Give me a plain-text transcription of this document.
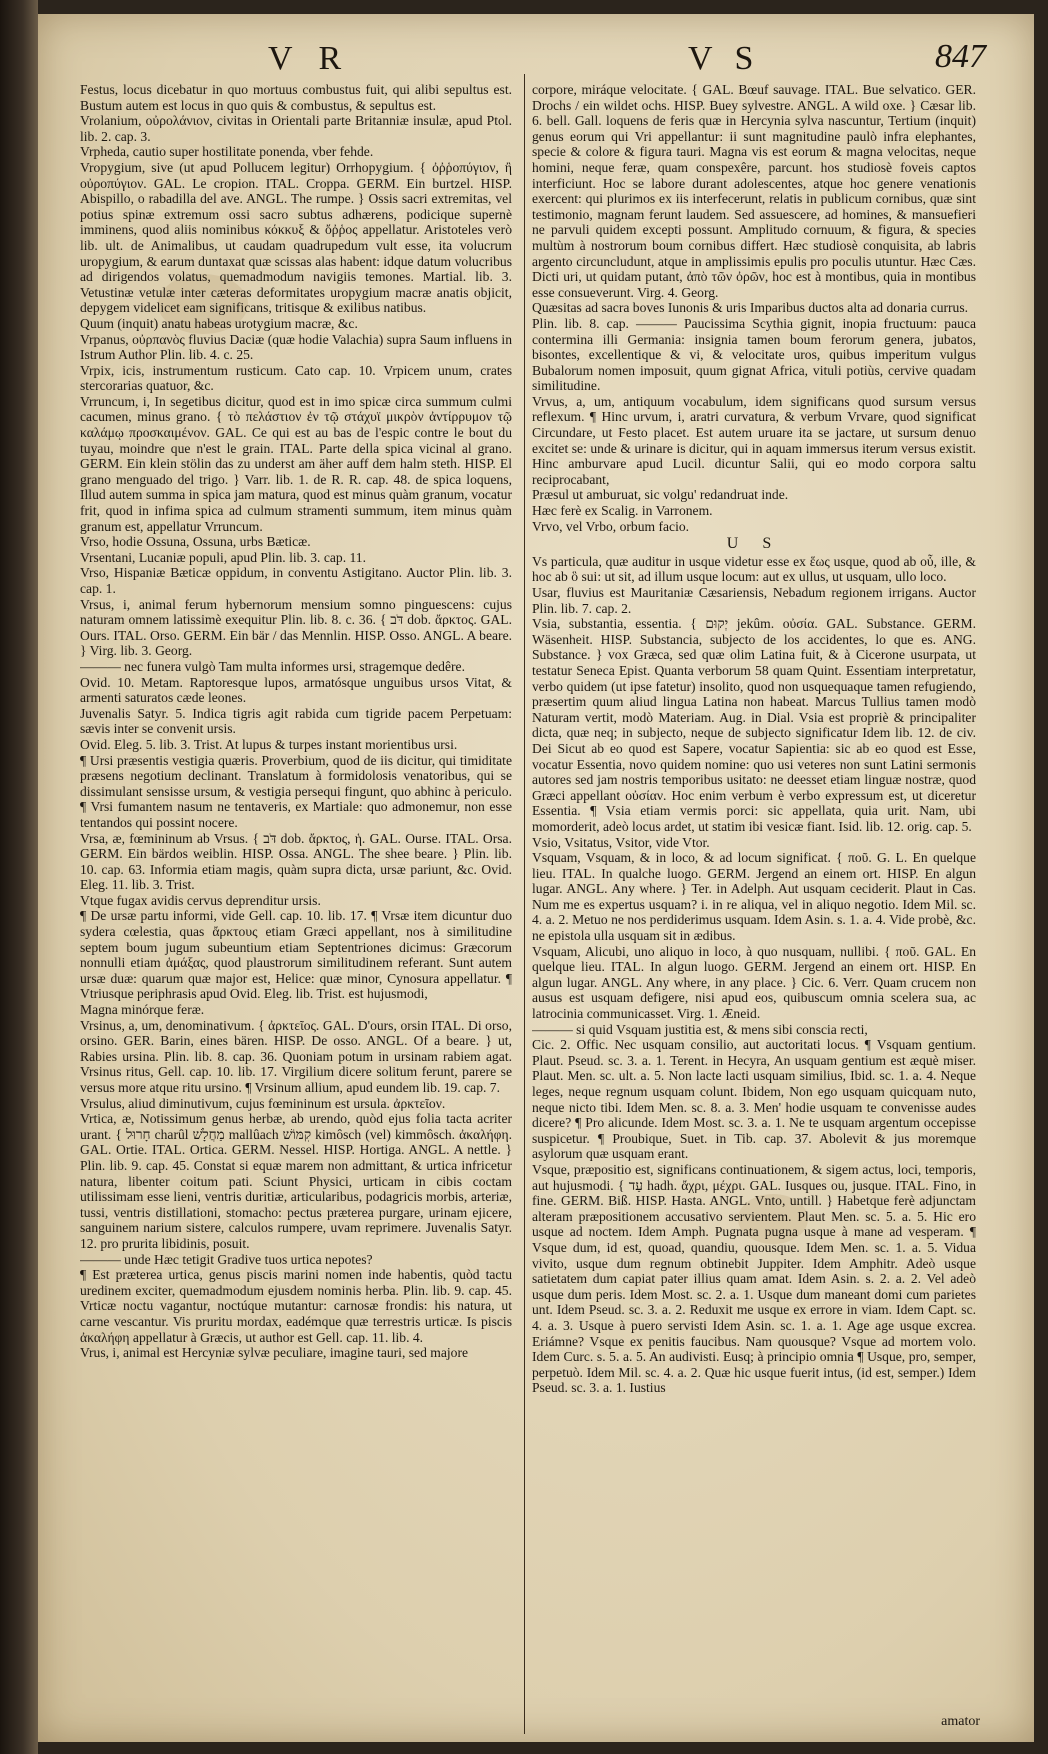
VR	VS	847
Festus, locus dicebatur in quo mortuus combustus fuit, qui alibi sepultus est. Bustum autem est locus in quo quis & combustus, & sepultus est.
Vrolanium, οὐρολάνιον, civitas in Orientali parte Britanniæ insulæ, apud Ptol. lib. 2. cap. 3.
Vrpheda, cautio super hostilitate ponenda, vber fehde.
Vropygium, sive (ut apud Pollucem legitur) Orrhopygium. { ὀῤῥοπύγιον, ἢ οὐροπύγιον. GAL. Le cropion. ITAL. Croppa. GERM. Ein burtzel. HISP. Abispillo, o rabadilla del ave. ANGL. The rumpe. } Ossis sacri extremitas, vel potius spinæ extremum ossi sacro subtus adhærens, podicique supernè imminens, quod aliis nominibus κόκκυξ & ὄῤῥος appellatur. Aristoteles verò lib. ult. de Animalibus, ut caudam quadrupedum vult esse, ita volucrum uropygium, & earum duntaxat quæ scissas alas habent: idque datum volucribus ad dirigendos volatus, quemadmodum navigiis temones. Martial. lib. 3. Vetustinæ vetulæ inter cæteras deformitates uropygium macræ anatis objicit, depygem videlicet eam significans, tritisque & exilibus natibus.
Quum (inquit) anatu habeas urotygium macræ, &c.
Vrpanus, οὐρπανὸς fluvius Daciæ (quæ hodie Valachia) supra Saum influens in Istrum Author Plin. lib. 4. c. 25.
Vrpix, icis, instrumentum rusticum. Cato cap. 10. Vrpicem unum, crates stercorarias quatuor, &c.
Vrruncum, i, In segetibus dicitur, quod est in imo spicæ circa summum culmi cacumen, minus grano. { τὸ πελάστιον ἐν τῷ στάχυϊ μικρὸν ἀντίρρυμον τῷ καλάμῳ προσκαιμένον. GAL. Ce qui est au bas de l'espic contre le bout du tuyau, moindre que n'est le grain. ITAL. Parte della spica vicinal al grano. GERM. Ein klein stölin das zu underst am äher auff dem halm steth. HISP. El grano menguado del trigo. } Varr. lib. 1. de R. R. cap. 48. de spica loquens, Illud autem summa in spica jam matura, quod est minus quàm granum, vocatur frit, quod in infima spica ad culmum stramenti summum, item minus quàm granum est, appellatur Vrruncum.
Vrso, hodie Ossuna, Ossuna, urbs Bæticæ.
Vrsentani, Lucaniæ populi, apud Plin. lib. 3. cap. 11.
Vrso, Hispaniæ Bæticæ oppidum, in conventu Astigitano. Auctor Plin. lib. 3. cap. 1.
Vrsus, i, animal ferum hybernorum mensium somno pinguescens: cujus naturam omnem latissimè exequitur Plin. lib. 8. c. 36. { דֹּב dob. ἄρκτος. GAL. Ours. ITAL. Orso. GERM. Ein bär / das Mennlin. HISP. Osso. ANGL. A beare. } Virg. lib. 3. Georg.
——— nec funera vulgò Tam multa informes ursi, stragemque dedêre.
Ovid. 10. Metam. Raptoresque lupos, armatósque unguibus ursos Vitat, & armenti saturatos cæde leones.
Juvenalis Satyr. 5. Indica tigris agit rabida cum tigride pacem Perpetuam: sævis inter se convenit ursis.
Ovid. Eleg. 5. lib. 3. Trist. At lupus & turpes instant morientibus ursi.
¶ Ursi præsentis vestigia quæris. Proverbium, quod de iis dicitur, qui timiditate præsens negotium declinant. Translatum à formidolosis venatoribus, qui se dissimulant sensisse ursum, & vestigia persequi fingunt, quo abhinc à periculo. ¶ Vrsi fumantem nasum ne tentaveris, ex Martiale: quo admonemur, non esse tentandos qui possint nocere.
Vrsa, æ, fœmininum ab Vrsus. { דֹּב dob. ἄρκτος, ἡ. GAL. Ourse. ITAL. Orsa. GERM. Ein bärdos weiblin. HISP. Ossa. ANGL. The shee beare. } Plin. lib. 10. cap. 63. Informia etiam magis, quàm supra dicta, ursæ pariunt, &c. Ovid. Eleg. 11. lib. 3. Trist.
Vtque fugax avidis cervus deprenditur ursis.
¶ De ursæ partu informi, vide Gell. cap. 10. lib. 17. ¶ Vrsæ item dicuntur duo sydera cœlestia, quas ἄρκτους etiam Græci appellant, nos à similitudine septem boum jugum subeuntium etiam Septentriones dicimus: Græcorum nonnulli etiam ἁμάξας, quod plaustrorum similitudinem referant. Sunt autem ursæ duæ: quarum quæ major est, Helice: quæ minor, Cynosura appellatur. ¶ Vtriusque periphrasis apud Ovid. Eleg. lib. Trist. est hujusmodi,
Magna minórque feræ.
Vrsinus, a, um, denominativum. { ἀρκτεῖος. GAL. D'ours, orsin ITAL. Di orso, orsino. GER. Barin, eines bären. HISP. De osso. ANGL. Of a beare. } ut, Rabies ursina. Plin. lib. 8. cap. 36. Quoniam potum in ursinam rabiem agat. Vrsinus ritus, Gell. cap. 10. lib. 17. Virgilium dicere solitum ferunt, parere se versus more atque ritu ursino. ¶ Vrsinum allium, apud eundem lib. 19. cap. 7.
Vrsulus, aliud diminutivum, cujus fœmininum est ursula. ἀρκτεῖον.
Vrtica, æ, Notissimum genus herbæ, ab urendo, quòd ejus folia tacta acriter urant. { חָרוּל charûl מַחֲלָשׁ mallûach קִמּוֹשׁ kimôsch (vel) kimmôsch. ἀκαλήφη. GAL. Ortie. ITAL. Ortica. GERM. Nessel. HISP. Hortiga. ANGL. A nettle. } Plin. lib. 9. cap. 45. Constat si equæ marem non admittant, & urtica infricetur natura, libenter coitum pati. Sciunt Physici, urticam in cibis coctam utilissimam esse lieni, ventris duritiæ, articularibus, podagricis morbis, arteriæ, tussi, ventris distillationi, stomacho: pectus præterea purgare, urinam ejicere, sanguinem narium sistere, calculos rumpere, uvam reprimere. Juvenalis Satyr. 12. pro prurita libidinis, posuit.
——— unde Hæc tetigit Gradive tuos urtica nepotes?
¶ Est præterea urtica, genus piscis marini nomen inde habentis, quòd tactu uredinem exciter, quemadmodum ejusdem nominis herba. Plin. lib. 9. cap. 45. Vrticæ noctu vagantur, noctúque mutantur: carnosæ frondis: his natura, ut carne vescantur. Vis pruritu mordax, eadémque quæ terrestris urticæ. Is piscis ἀκαλήφη appellatur à Græcis, ut author est Gell. cap. 11. lib. 4.
Vrus, i, animal est Hercyniæ sylvæ peculiare, imagine tauri, sed majore
corpore, miráque velocitate. { GAL. Bœuf sauvage. ITAL. Bue selvatico. GER. Drochs / ein wildet ochs. HISP. Buey sylvestre. ANGL. A wild oxe. } Cæsar lib. 6. bell. Gall. loquens de feris quæ in Hercynia sylva nascuntur, Tertium (inquit) genus eorum qui Vri appellantur: ii sunt magnitudine paulò infra elephantes, specie & colore & figura tauri. Magna vis est eorum & magna velocitas, neque homini, neque feræ, quam conspexêre, parcunt. hos studiosè foveis captos interficiunt. Hoc se labore durant adolescentes, atque hoc genere venationis exercent: qui plurimos ex iis interfecerunt, relatis in publicum cornibus, quæ sint testimonio, magnam ferunt laudem. Sed assuescere, ad homines, & mansuefieri ne parvuli quidem excepti possunt. Amplitudo cornuum, & figura, & species multùm à nostrorum boum cornibus differt. Hæc studiosè conquisita, ab labris argento circuncludunt, atque in amplissimis epulis pro poculis utuntur. Hæc Cæs. Dicti uri, ut quidam putant, ἀπὸ τῶν ὀρῶν, hoc est à montibus, quia in montibus esse consueverunt. Virg. 4. Georg.
Quæsitas ad sacra boves Iunonis & uris Imparibus ductos alta ad donaria currus.
Plin. lib. 8. cap. ——— Paucissima Scythia gignit, inopia fructuum: pauca contermina illi Germania: insignia tamen boum ferorum genera, jubatos, bisontes, excellentique & vi, & velocitate uros, quibus imperitum vulgus Bubalorum nomen imposuit, quum gignat Africa, vituli potiùs, cervive quadam similitudine.
Vrvus, a, um, antiquum vocabulum, idem significans quod sursum versus reflexum. ¶ Hinc urvum, i, aratri curvatura, & verbum Vrvare, quod significat Circundare, ut Festo placet. Est autem uruare ita se jactare, ut sursum denuo excitet se: unde & urinare is dicitur, qui in aquam immersus iterum versus existit. Hinc amburvare apud Lucil. dicuntur Salii, qui eo modo corpora saltu reciprocabant,
Præsul ut amburuat, sic volgu' redandruat inde.
Hæc ferè ex Scalig. in Varronem.
Vrvo, vel Vrbo, orbum facio.
U S
Vs particula, quæ auditur in usque videtur esse ex ἕως usque, quod ab οὗ, ille, & hoc ab ὃ sui: ut sit, ad illum usque locum: aut ex ullus, ut usquam, ullo loco.
Usar, fluvius est Mauritaniæ Cæsariensis, Nebadum regionem irrigans. Auctor Plin. lib. 7. cap. 2.
Vsia, substantia, essentia. { יְקוּם jekûm. οὐσία. GAL. Substance. GERM. Wäsenheit. HISP. Substancia, subjecto de los accidentes, lo que es. ANG. Substance. } vox Græca, sed quæ olim Latina fuit, & à Cicerone usurpata, ut testatur Seneca Epist. Quanta verborum 58 quam Quint. Essentiam interpretatur, verbo quidem (ut ipse fatetur) insolito, quod non usquequaque tamen refugiendo, præsertim quum aliud lingua Latina non habeat. Marcus Tullius tamen modò Naturam vertit, modò Materiam. Aug. in Dial. Vsia est propriè & principaliter dicta, quæ neq; in subjecto, neque de subjecto significatur Idem lib. 12. de civ. Dei Sicut ab eo quod est Sapere, vocatur Sapientia: sic ab eo quod est Esse, vocatur Essentia, novo quidem nomine: quo usi veteres non sunt Latini sermonis autores sed jam nostris temporibus usitato: ne deesset etiam linguæ nostræ, quod Græci appellant οὐσίαν. Hoc enim verbum è verbo expressum est, ut diceretur Essentia. ¶ Vsia etiam vermis porci: sic appellata, quia urit. Nam, ubi momorderit, adeò locus ardet, ut statim ibi vesicæ fiant. Isid. lib. 12. orig. cap. 5.
Vsio, Vsitatus, Vsitor, vide Vtor.
Vsquam, Vsquam, & in loco, & ad locum significat. { ποῦ. G. L. En quelque lieu. ITAL. In qualche luogo. GERM. Jergend an einem ort. HISP. En algun lugar. ANGL. Any where. } Ter. in Adelph. Aut usquam ceciderit. Plaut in Cas. Num me es expertus usquam? i. in re aliqua, vel in aliquo negotio. Idem Mil. sc. 4. a. 2. Metuo ne nos perdiderimus usquam. Idem Asin. s. 1. a. 4. Vide probè, &c. ne epistola ulla usquam sit in ædibus.
Vsquam, Alicubi, uno aliquo in loco, à quo nusquam, nullibi. { ποῦ. GAL. En quelque lieu. ITAL. In algun luogo. GERM. Jergend an einem ort. HISP. En algun lugar. ANGL. Any where, in any place. } Cic. 6. Verr. Quam crucem non ausus est usquam defigere, nisi apud eos, quibuscum omnia scelera sua, ac latrocinia communicasset. Virg. 1. Æneid.
——— si quid Vsquam justitia est, & mens sibi conscia recti,
Cic. 2. Offic. Nec usquam consilio, aut auctoritati locus. ¶ Vsquam gentium. Plaut. Pseud. sc. 3. a. 1. Terent. in Hecyra, An usquam gentium est æquè miser. Plaut. Men. sc. ult. a. 5. Non lacte lacti usquam similius, Ibid. sc. 1. a. 4. Neque leges, neque regnum usquam colunt. Ibidem, Non ego usquam quicquam nuto, neque nicto tibi. Idem Men. sc. 8. a. 3. Men' hodie usquam te convenisse audes dicere? ¶ Pro alicunde. Idem Most. sc. 3. a. 1. Ne te usquam argentum occepisse suspicetur. ¶ Proubique, Suet. in Tib. cap. 37. Abolevit & jus moremque asylorum quæ usquam erant.
Vsque, præpositio est, significans continuationem, & sigem actus, loci, temporis, aut hujusmodi. { עַד hadh. ἄχρι, μέχρι. GAL. Iusques ou, jusque. ITAL. Fino, in fine. GERM. Biß. HISP. Hasta. ANGL. Vnto, untill. } Habetque ferè adjunctam alteram præpositionem accusativo servientem. Plaut Men. sc. 5. a. 5. Hic ero usque ad noctem. Idem Amph. Pugnata pugna usque à mane ad vesperam. ¶ Vsque dum, id est, quoad, quandiu, quousque. Idem Men. sc. 1. a. 5. Vidua vivito, usque dum regnum obtinebit Juppiter. Idem Amphitr. Adeò usque satietatem dum capiat pater illius quam amat. Idem Asin. s. 2. a. 2. Vel adeò usque dum peris. Idem Most. sc. 2. a. 1. Usque dum maneant domi cum parietes unt. Idem Pseud. sc. 3. a. 2. Reduxit me usque ex errore in viam. Idem Capt. sc. 4. a. 3. Usque à puero servisti Idem Asin. sc. 1. a. 1. Age age usque excrea. Eriámne? Vsque ex penitis faucibus. Nam quousque? Vsque ad mortem volo. Idem Curc. s. 5. a. 5. An audivisti. Eusq; à principio omnia ¶ Usque, pro, semper, perpetuò. Idem Mil. sc. 4. a. 2. Quæ hic usque fuerit intus, (id est, semper.) Idem Pseud. sc. 3. a. 1. Iustius
amator
